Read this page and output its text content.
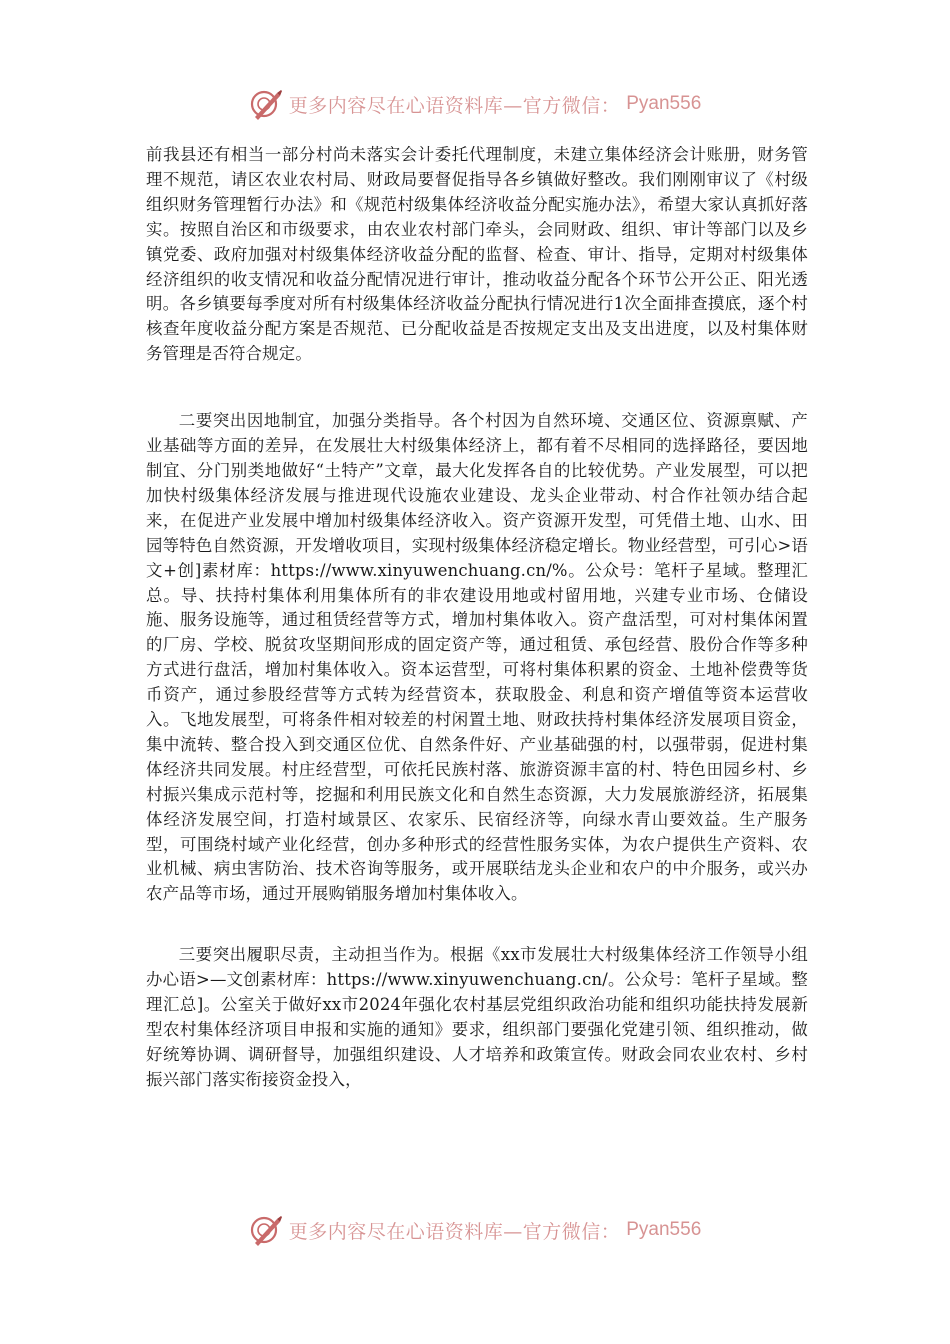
更多内容尽在心语资料库—官方微信： Pyan556

前我县还有相当一部分村尚未落实会计委托代理制度，未建立集体经济会计账册，财务管理不规范，请区农业农村局、财政局要督促指导各乡镇做好整改。我们刚刚审议了《村级组织财务管理暂行办法》和《规范村级集体经济收益分配实施办法》，希望大家认真抓好落实。按照自治区和市级要求，由农业农村部门牵头，会同财政、组织、审计等部门以及乡镇党委、政府加强对村级集体经济收益分配的监督、检查、审计、指导，定期对村级集体经济组织的收支情况和收益分配情况进行审计，推动收益分配各个环节公开公正、阳光透明。各乡镇要每季度对所有村级集体经济收益分配执行情况进行1次全面排查摸底，逐个村核查年度收益分配方案是否规范、已分配收益是否按规定支出及支出进度，以及村集体财务管理是否符合规定。

二要突出因地制宜，加强分类指导。各个村因为自然环境、交通区位、资源禀赋、产业基础等方面的差异，在发展壮大村级集体经济上，都有着不尽相同的选择路径，要因地制宜、分门别类地做好“土特产”文章，最大化发挥各自的比较优势。产业发展型，可以把加快村级集体经济发展与推进现代设施农业建设、龙头企业带动、村合作社领办结合起来，在促进产业发展中增加村级集体经济收入。资产资源开发型，可凭借土地、山水、田园等特色自然资源，开发增收项目，实现村级集体经济稳定增长。物业经营型，可引心>语文+创]素材库：https://www.xinyuwenchuang.cn/%。公众号：笔杆子星域。整理汇总。导、扶持村集体利用集体所有的非农建设用地或村留用地，兴建专业市场、仓储设施、服务设施等，通过租赁经营等方式，增加村集体收入。资产盘活型，可对村集体闲置的厂房、学校、脱贫攻坚期间形成的固定资产等，通过租赁、承包经营、股份合作等多种方式进行盘活，增加村集体收入。资本运营型，可将村集体积累的资金、土地补偿费等货币资产，通过参股经营等方式转为经营资本，获取股金、利息和资产增值等资本运营收入。飞地发展型，可将条件相对较差的村闲置土地、财政扶持村集体经济发展项目资金，集中流转、整合投入到交通区位优、自然条件好、产业基础强的村，以强带弱，促进村集体经济共同发展。村庄经营型，可依托民族村落、旅游资源丰富的村、特色田园乡村、乡村振兴集成示范村等，挖掘和利用民族文化和自然生态资源，大力发展旅游经济，拓展集体经济发展空间，打造村域景区、农家乐、民宿经济等，向绿水青山要效益。生产服务型，可围绕村域产业化经营，创办多种形式的经营性服务实体，为农户提供生产资料、农业机械、病虫害防治、技术咨询等服务，或开展联结龙头企业和农户的中介服务，或兴办农产品等市场，通过开展购销服务增加村集体收入。

三要突出履职尽责，主动担当作为。根据《xx市发展壮大村级集体经济工作领导小组办心语>—文创素材库：https://www.xinyuwenchuang.cn/。公众号：笔杆子星域。整理汇总]。公室关于做好xx市2024年强化农村基层党组织政治功能和组织功能扶持发展新型农村集体经济项目申报和实施的通知》要求，组织部门要强化党建引领、组织推动，做好统筹协调、调研督导，加强组织建设、人才培养和政策宣传。财政会同农业农村、乡村振兴部门落实衔接资金投入，

更多内容尽在心语资料库—官方微信： Pyan556
